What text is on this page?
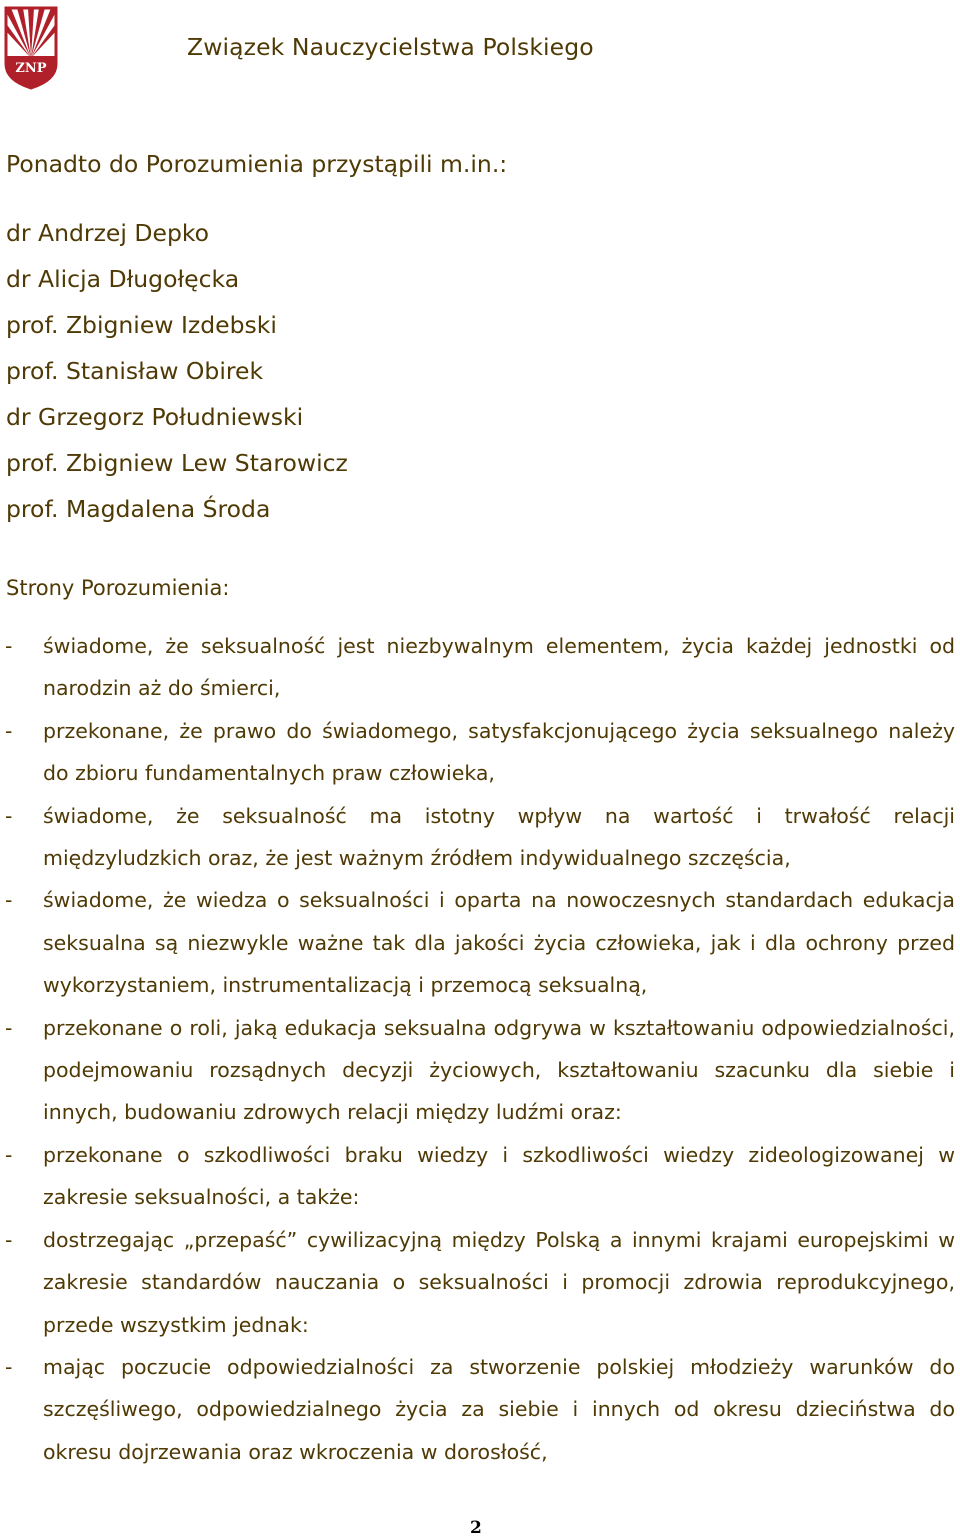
ZNP
Związek Nauczycielstwa Polskiego
Ponadto do Porozumienia przystąpili m.in.:
dr Andrzej Depko
dr Alicja Długołęcka
prof. Zbigniew Izdebski
prof. Stanisław Obirek
dr Grzegorz Południewski
prof. Zbigniew Lew Starowicz
prof. Magdalena Środa
Strony Porozumienia:
- świadome, że seksualność jest niezbywalnym elementem, życia każdej jednostki od narodzin aż do śmierci,
- przekonane, że prawo do świadomego, satysfakcjonującego życia seksualnego należy do zbioru fundamentalnych praw człowieka,
- świadome, że seksualność ma istotny wpływ na wartość i trwałość relacji międzyludzkich oraz, że jest ważnym źródłem indywidualnego szczęścia,
- świadome, że wiedza o seksualności i oparta na nowoczesnych standardach edukacja seksualna są niezwykle ważne tak dla jakości życia człowieka, jak i dla ochrony przed wykorzystaniem, instrumentalizacją i przemocą seksualną,
- przekonane o roli, jaką edukacja seksualna odgrywa w kształtowaniu odpowiedzialności, podejmowaniu rozsądnych decyzji życiowych, kształtowaniu szacunku dla siebie i innych, budowaniu zdrowych relacji między ludźmi oraz:
- przekonane o szkodliwości braku wiedzy i szkodliwości wiedzy zideologizowanej w zakresie seksualności, a także:
- dostrzegając „przepaść” cywilizacyjną między Polską a innymi krajami europejskimi w zakresie standardów nauczania o seksualności i promocji zdrowia reprodukcyjnego, przede wszystkim jednak:
- mając poczucie odpowiedzialności za stworzenie polskiej młodzieży warunków do szczęśliwego, odpowiedzialnego życia za siebie i innych od okresu dzieciństwa do okresu dojrzewania oraz wkroczenia w dorosłość,
2
